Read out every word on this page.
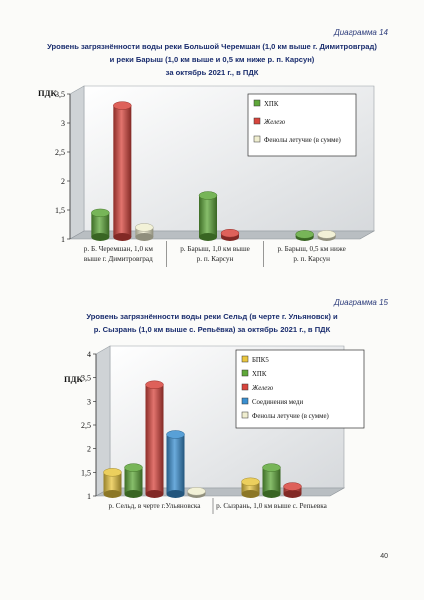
Диаграмма 14
Уровень загрязнённости воды реки Большой Черемшан (1,0 км выше г. Димитровград)
и реки Барыш (1,0 км выше и 0,5 км ниже р. п. Карсун)
за октябрь 2021 г., в ПДК
1
1,5
2
2,5
3
3,5
ПДК
р. Б. Черемшан, 1,0 км
выше г. Димитровград
р. Барыш, 1,0 км выше
р. п. Карсун
р. Барыш, 0,5 км ниже
р. п. Карсун
ХПК
Железо
Фенолы летучие (в сумме)
Диаграмма 15
Уровень загрязнённости воды реки Сельд (в черте г. Ульяновск) и
р. Сызрань (1,0 км выше с. Репьёвка) за октябрь 2021 г., в ПДК
1
1,5
2
2,5
3
3,5
4
ПДК
р. Сельд, в черте г.Ульяновска р. Сызрань, 1,0 км выше с. Репьевка
БПК5
ХПК
Железо
Соединения меди
Фенолы летучие (в сумме)
40
